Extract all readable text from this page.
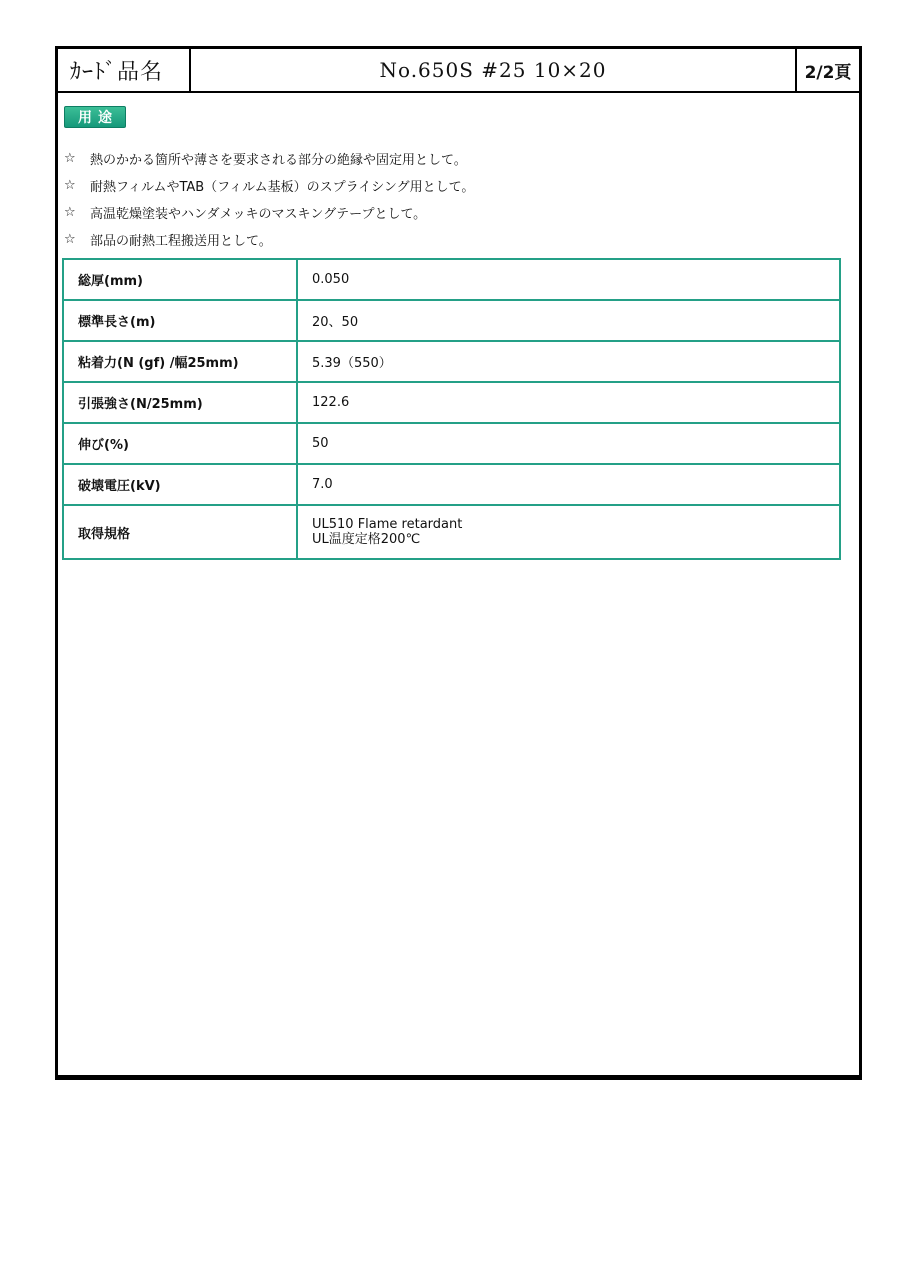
ｶｰﾄﾞ品名	No.650S #25 10×20	2/2頁
用途
☆	熱のかかる箇所や薄さを要求される部分の絶縁や固定用として。
☆	耐熱フィルムやTAB（フィルム基板）のスプライシング用として。
☆	高温乾燥塗装やハンダメッキのマスキングテープとして。
☆	部品の耐熱工程搬送用として。
総厚(mm)	0.050
標準長さ(m)	20、50
粘着力(N (gf) /幅25mm)	5.39（550）
引張強さ(N/25mm)	122.6
伸び(%)	50
破壊電圧(kV)	7.0
取得規格	UL510 Flame retardant
UL温度定格200℃
